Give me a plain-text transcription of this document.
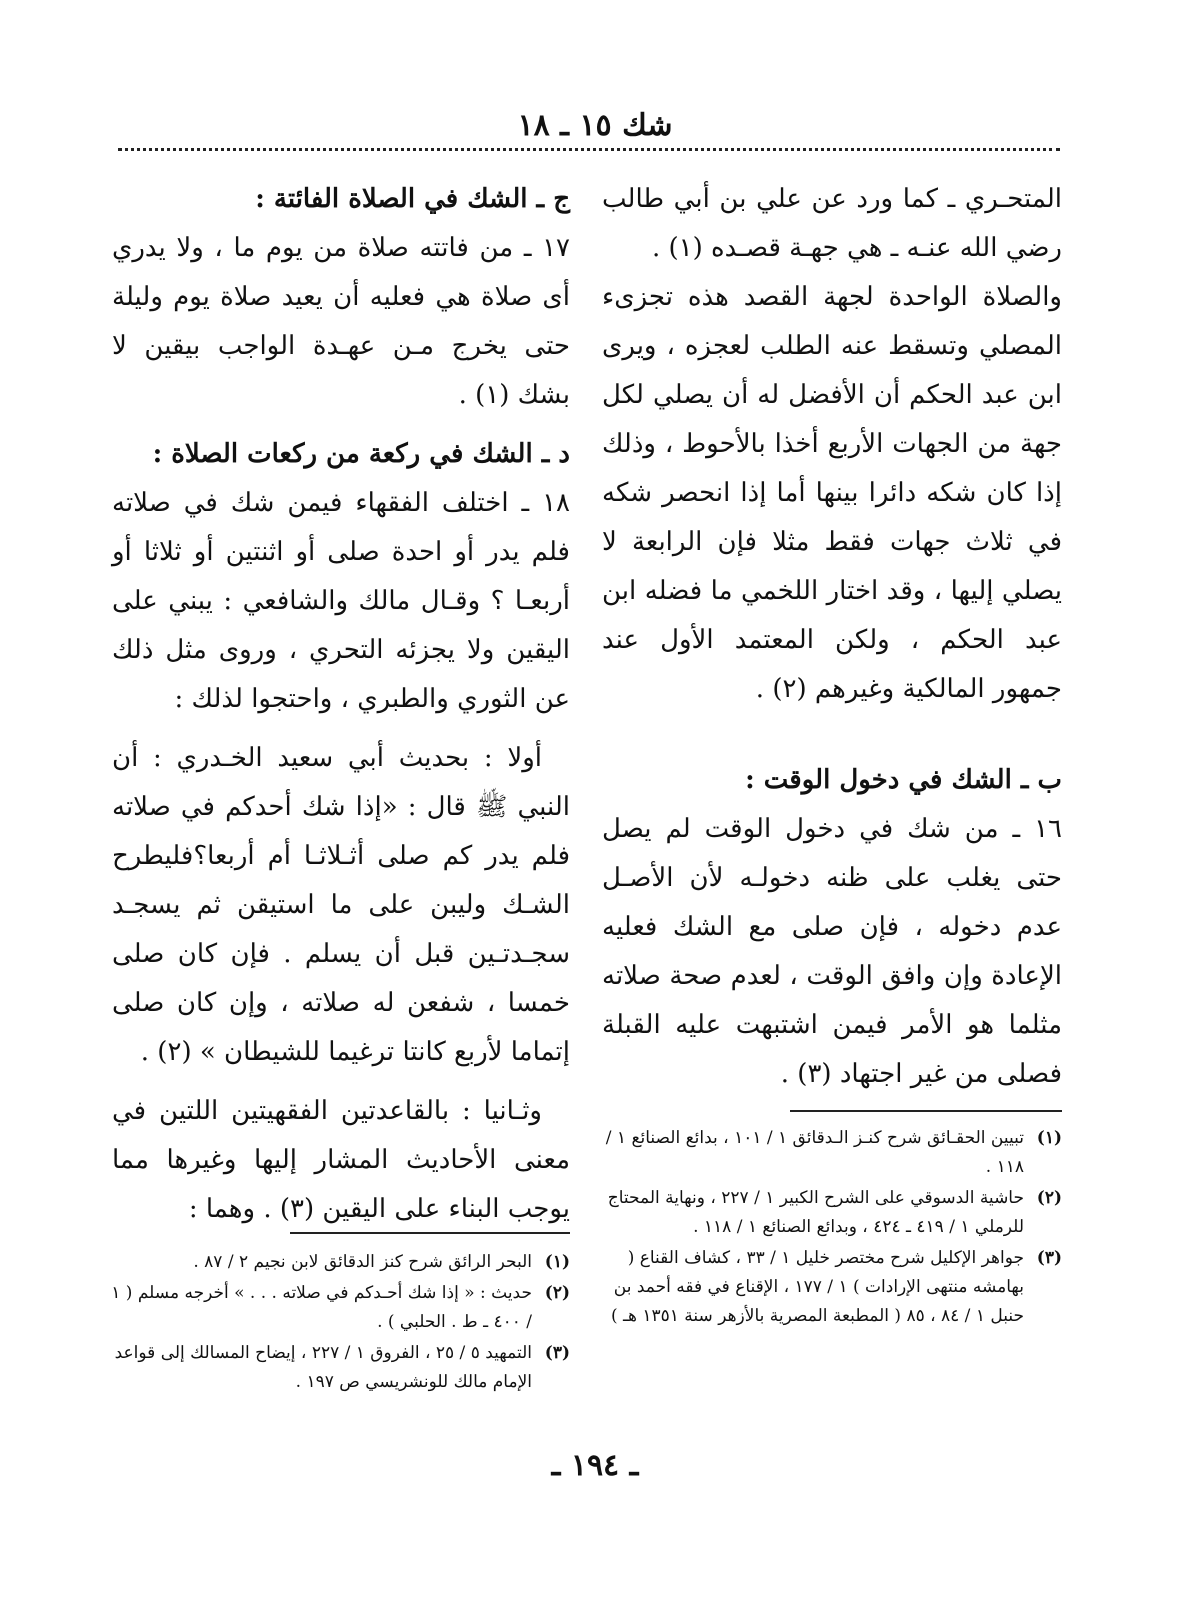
شك ١٥ ـ ١٨

المتحـري ـ كما ورد عن علي بن أبي طالب رضي الله عنـه ـ هي جهـة قصـده (١) .

والصلاة الواحدة لجهة القصد هذه تجزىء المصلي وتسقط عنه الطلب لعجزه ، ويرى ابن عبد الحكم أن الأفضل له أن يصلي لكل جهة من الجهات الأربع أخذا بالأحوط ، وذلك إذا كان شكه دائرا بينها أما إذا انحصر شكه في ثلاث جهات فقط مثلا فإن الرابعة لا يصلي إليها ، وقد اختار اللخمي ما فضله ابن عبد الحكم ، ولكن المعتمد الأول عند جمهور المالكية وغيرهم (٢) .

ب ـ الشك في دخول الوقت :

١٦ ـ من شك في دخول الوقت لم يصل حتى يغلب على ظنه دخولـه لأن الأصـل عدم دخوله ، فإن صلى مع الشك فعليه الإعادة وإن وافق الوقت ، لعدم صحة صلاته مثلما هو الأمر فيمن اشتبهت عليه القبلة فصلى من غير اجتهاد (٣) .

ج ـ الشك في الصلاة الفائتة :

١٧ ـ من فاتته صلاة من يوم ما ، ولا يدري أى صلاة هي فعليه أن يعيد صلاة يوم وليلة حتى يخرج مـن عهـدة الواجب بيقين لا بشك (١) .

د ـ الشك في ركعة من ركعات الصلاة :

١٨ ـ اختلف الفقهاء فيمن شك في صلاته فلم يدر أو احدة صلى أو اثنتين أو ثلاثا أو أربعـا ؟ وقـال مالك والشافعي : يبني على اليقين ولا يجزئه التحري ، وروى مثل ذلك عن الثوري والطبري ، واحتجوا لذلك :

أولا : بحديث أبي سعيد الخـدري : أن النبي ﷺ قال : «إذا شك أحدكم في صلاته فلم يدر كم صلى أثـلاثـا أم أربعا؟فليطرح الشـك وليبن على ما استيقن ثم يسجـد سجـدتـين قبل أن يسلم . فإن كان صلى خمسا ، شفعن له صلاته ، وإن كان صلى إتماما لأربع كانتا ترغيما للشيطان » (٢) .

وثـانيا : بالقاعدتين الفقهيتين اللتين في معنى الأحاديث المشار إليها وغيرها مما يوجب البناء على اليقين (٣) . وهما :

(١)
تبيين الحقـائق شرح كنـز الـدقائق ١ / ١٠١ ، بدائع الصنائع ١ / ١١٨ .
(٢)
حاشية الدسوقي على الشرح الكبير ١ / ٢٢٧ ، ونهاية المحتاج للرملي ١ / ٤١٩ ـ ٤٢٤ ، وبدائع الصنائع ١ / ١١٨ .
(٣)
جواهر الإكليل شرح مختصر خليل ١ / ٣٣ ، كشاف القناع ( بهامشه منتهى الإرادات ) ١ / ١٧٧ ، الإقناع في فقه أحمد بن حنبل ١ / ٨٤ ، ٨٥ ( المطبعة المصرية بالأزهر سنة ١٣٥١ هـ )
(١)
البحر الرائق شرح كنز الدقائق لابن نجيم ٢ / ٨٧ .
(٢)
حديث : « إذا شك أحـدكم في صلاته . . . » أخرجه مسلم ( ١ / ٤٠٠ ـ ط . الحلبي ) .
(٣)
التمهيد ٥ / ٢٥ ، الفروق ١ / ٢٢٧ ، إيضاح المسالك إلى قواعد الإمام مالك للونشريسي ص ١٩٧ .
ـ ١٩٤ ـ
